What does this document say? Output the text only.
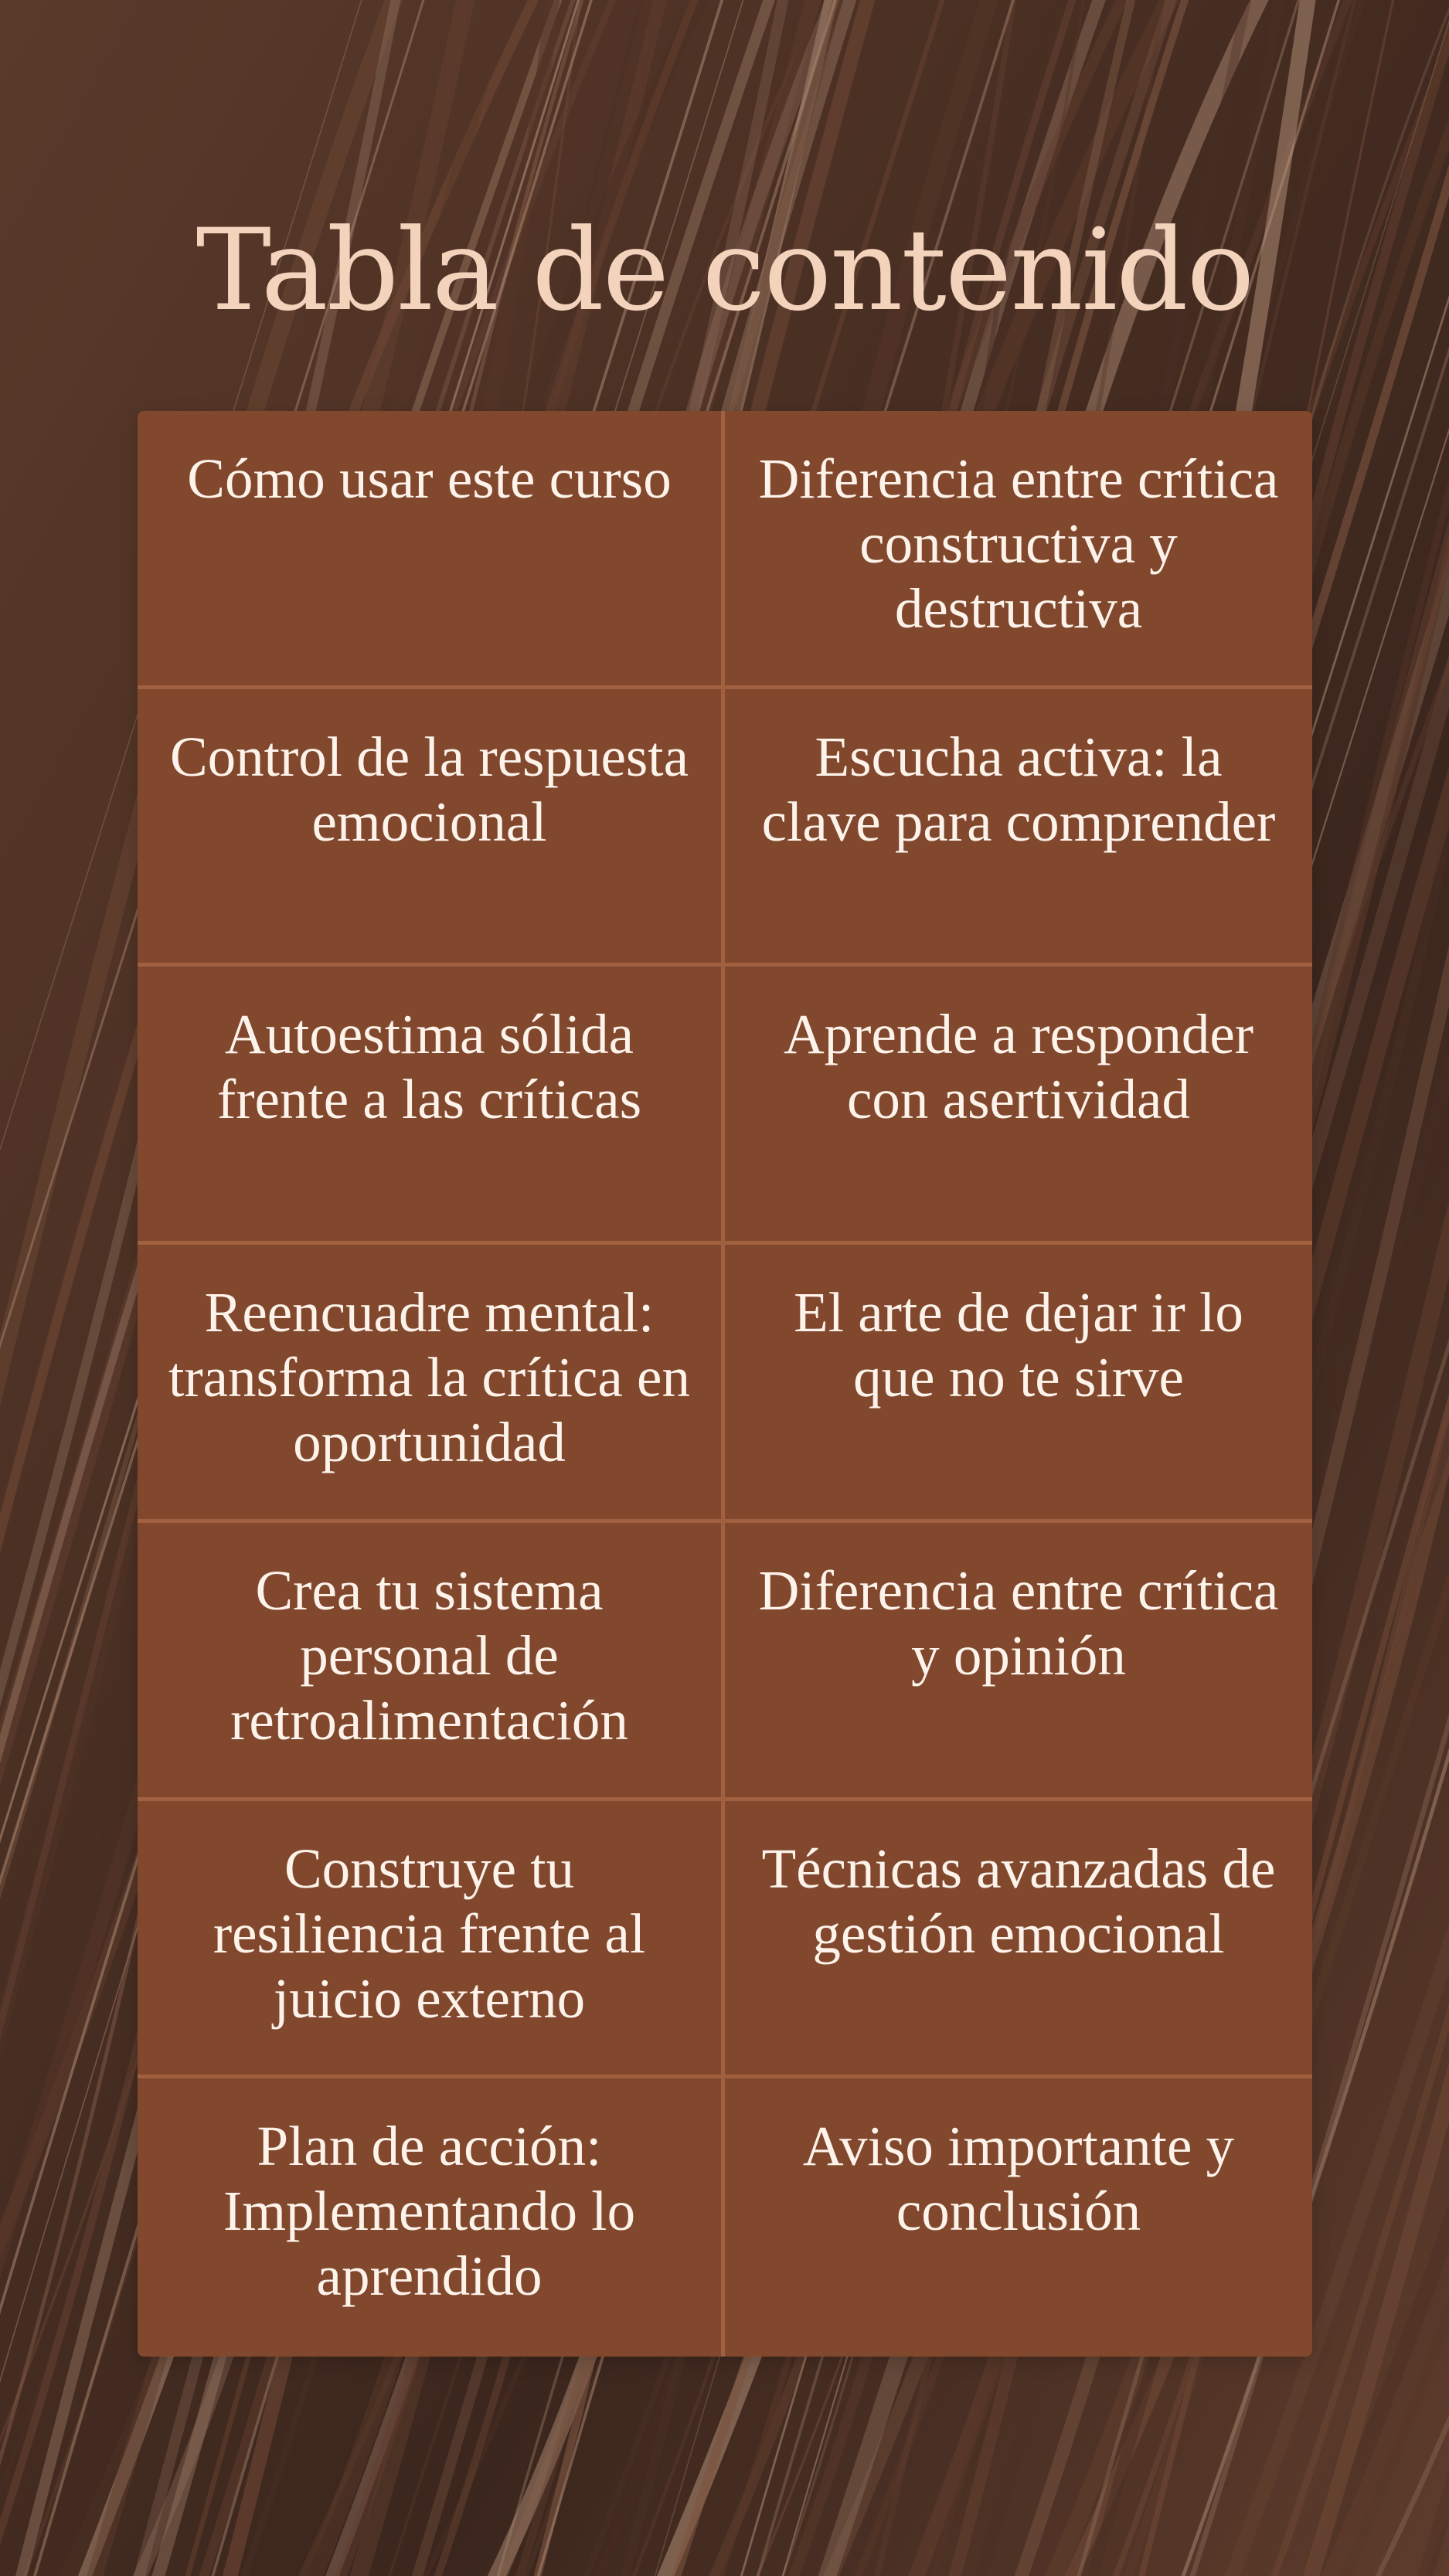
Tabla de contenido
Cómo usar este curso Diferencia entre crítica constructiva y destructiva
Control de la respuesta emocional
Escucha activa: la clave para comprender
Autoestima sólida frente a las críticas
Aprende a responder con asertividad
Reencuadre mental: transforma la crítica en oportunidad
El arte de dejar ir lo que no te sirve
Crea tu sistema personal de retroalimentación
Diferencia entre crítica y opinión
Construye tu resiliencia frente al juicio externo
Técnicas avanzadas de gestión emocional
Plan de acción: Implementando lo aprendido
Aviso importante y conclusión
